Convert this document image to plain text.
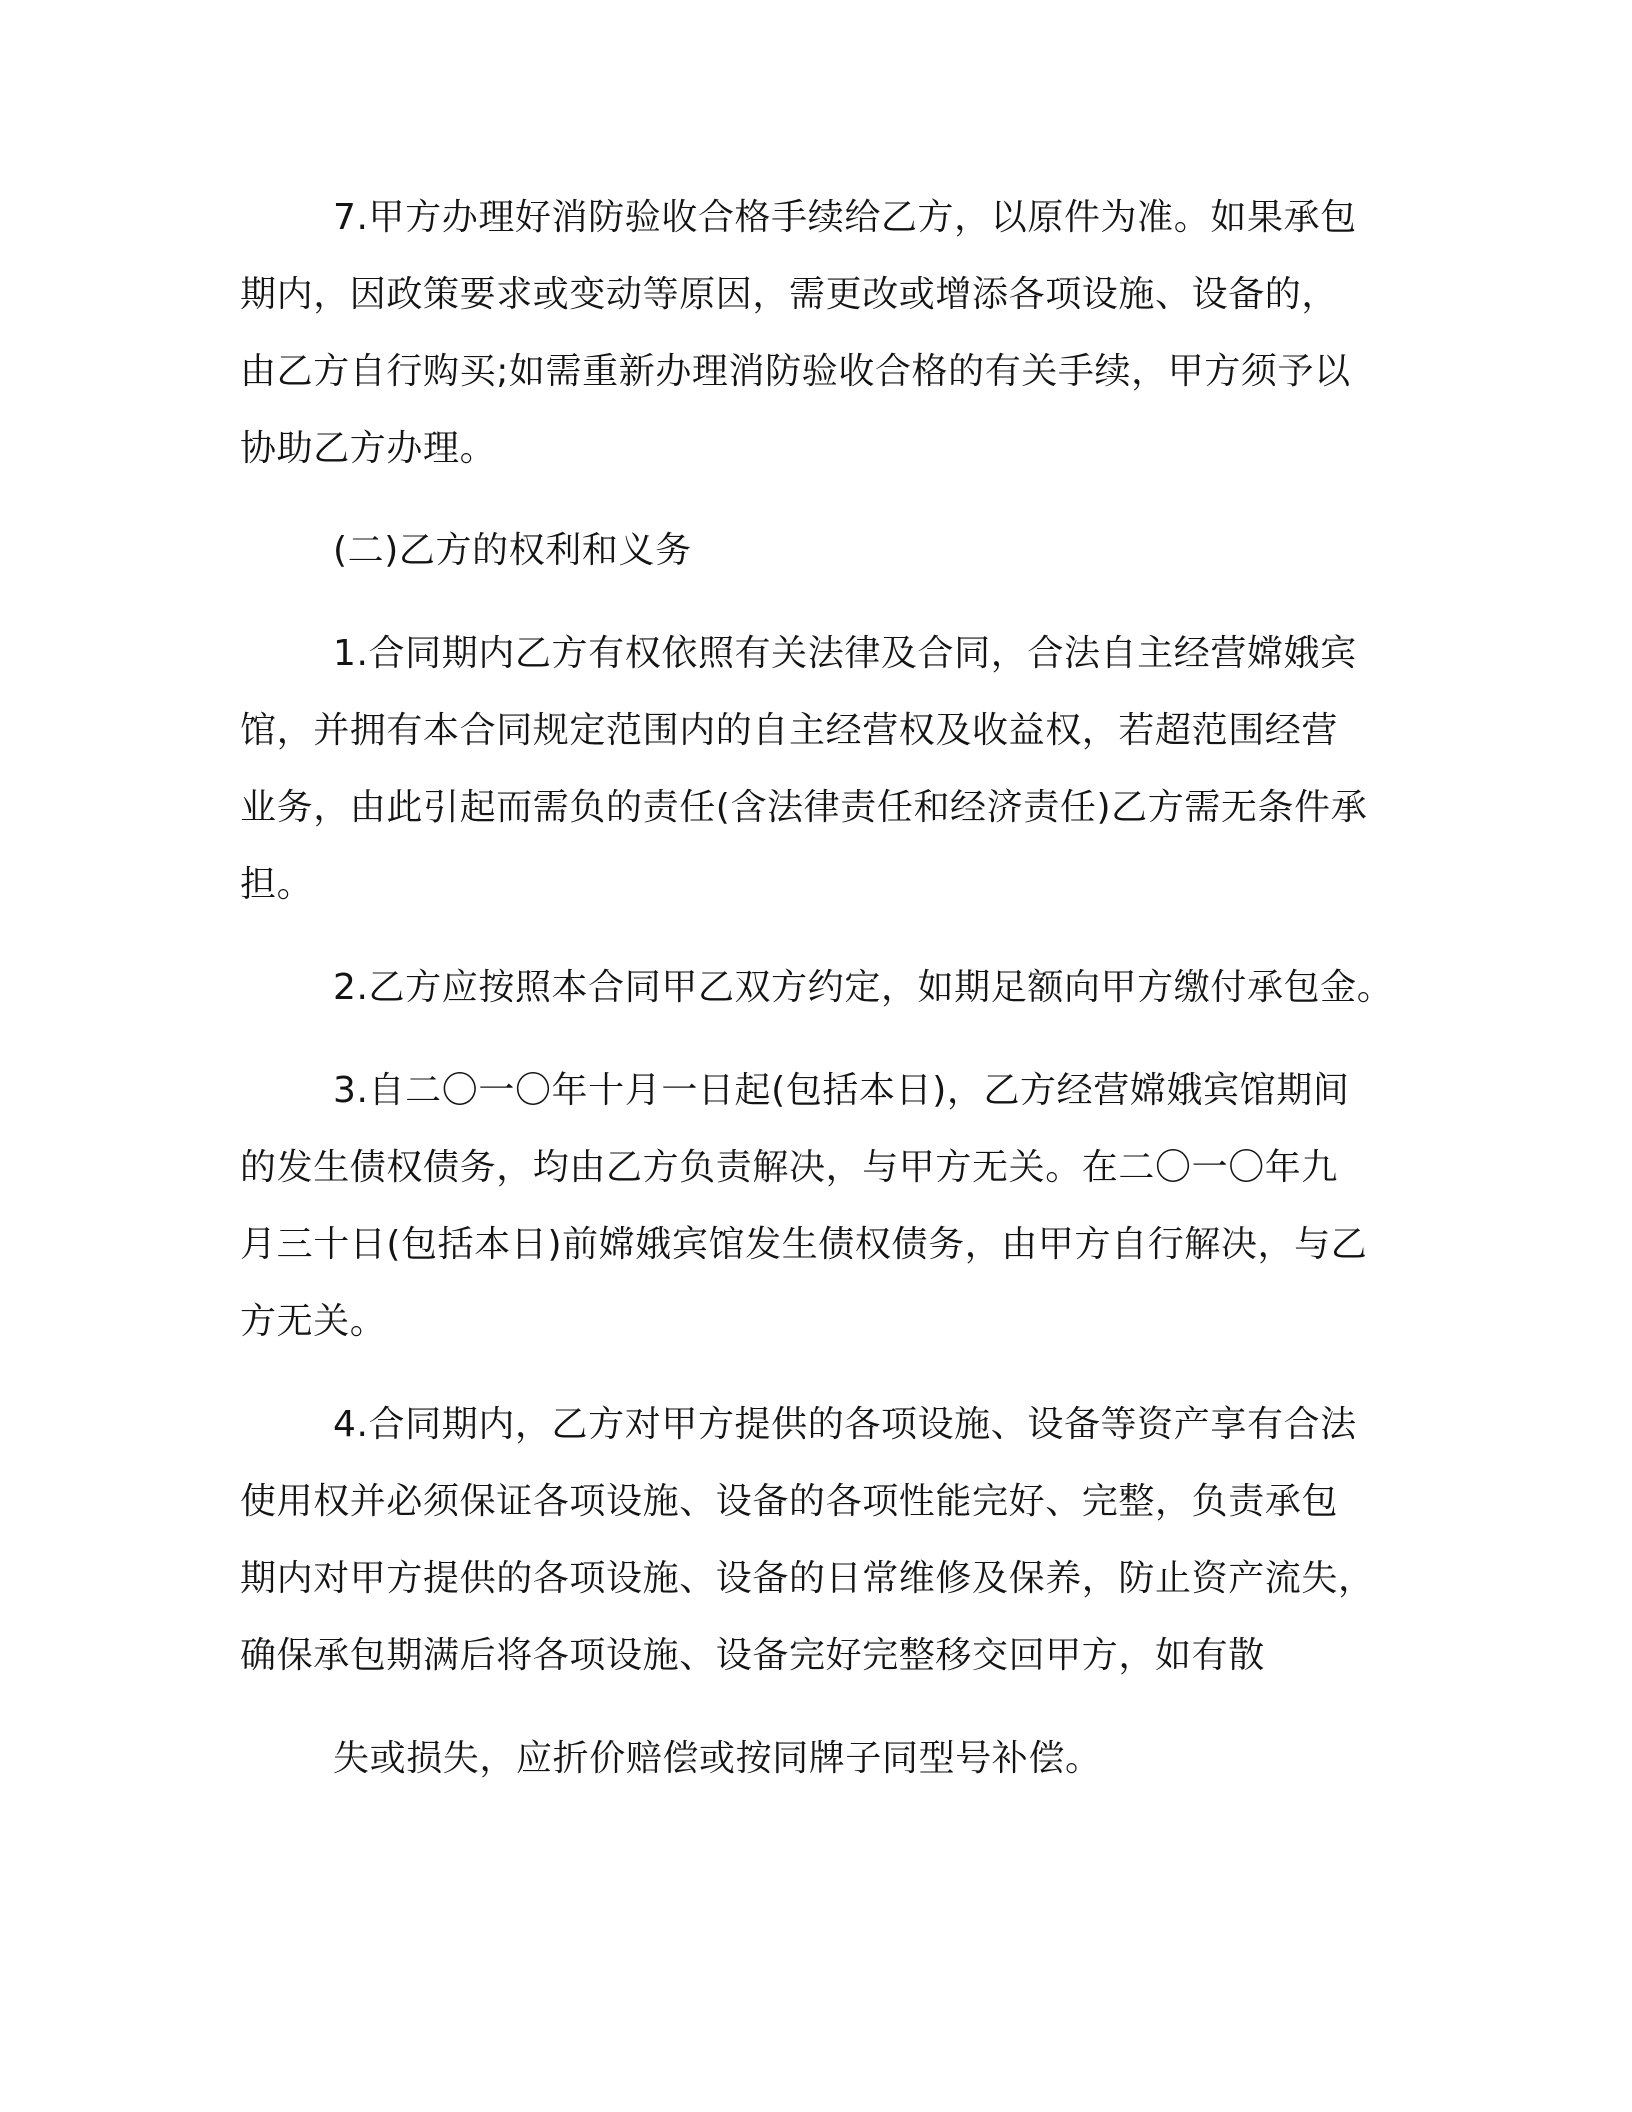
7.甲方办理好消防验收合格手续给乙方，以原件为准。如果承包
期内，因政策要求或变动等原因，需更改或增添各项设施、设备的，
由乙方自行购买;如需重新办理消防验收合格的有关手续，甲方须予以
协助乙方办理。
(二)乙方的权利和义务
1.合同期内乙方有权依照有关法律及合同，合法自主经营嫦娥宾
馆，并拥有本合同规定范围内的自主经营权及收益权，若超范围经营
业务，由此引起而需负的责任(含法律责任和经济责任)乙方需无条件承
担。
2.乙方应按照本合同甲乙双方约定，如期足额向甲方缴付承包金。
3.自二〇一〇年十月一日起(包括本日)，乙方经营嫦娥宾馆期间
的发生债权债务，均由乙方负责解决，与甲方无关。在二〇一〇年九
月三十日(包括本日)前嫦娥宾馆发生债权债务，由甲方自行解决，与乙
方无关。
4.合同期内，乙方对甲方提供的各项设施、设备等资产享有合法
使用权并必须保证各项设施、设备的各项性能完好、完整，负责承包
期内对甲方提供的各项设施、设备的日常维修及保养，防止资产流失，
确保承包期满后将各项设施、设备完好完整移交回甲方，如有散
失或损失，应折价赔偿或按同牌子同型号补偿。
